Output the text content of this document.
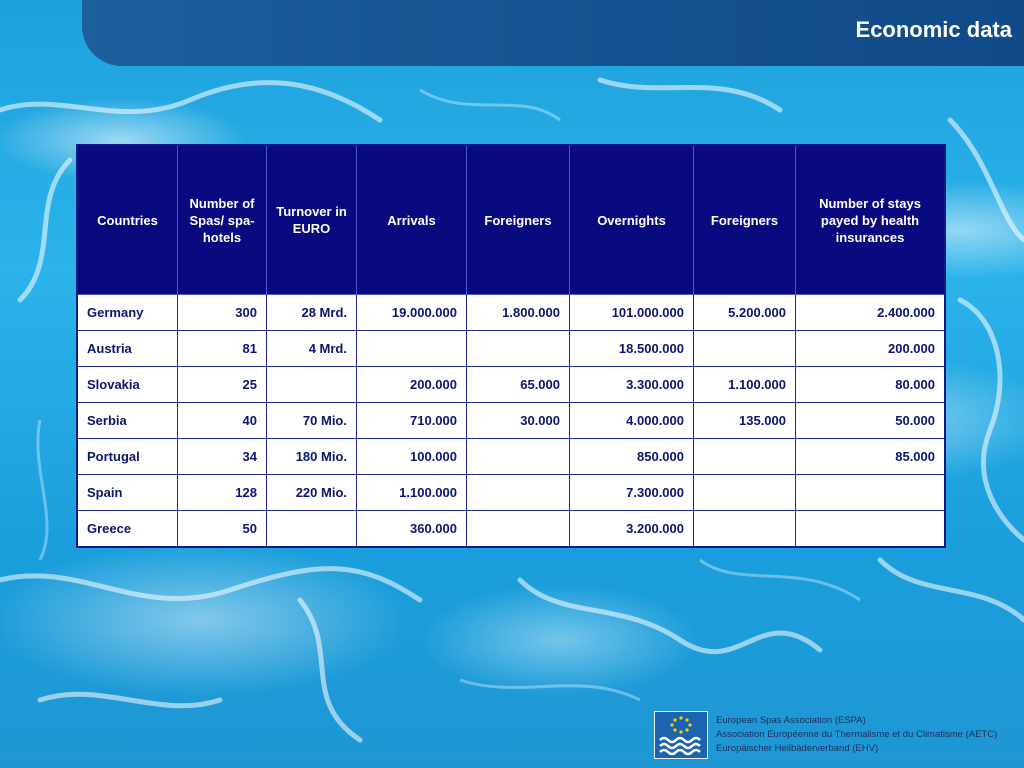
Economic data
Countries	Number of Spas/ spa-hotels	Turnover in EURO	Arrivals	Foreigners	Overnights	Foreigners	Number of stays payed by health insurances
Germany	300	28 Mrd.	19.000.000	1.800.000	101.000.000	5.200.000	2.400.000
Austria	81	4 Mrd.			18.500.000		200.000
Slovakia	25		200.000	65.000	3.300.000	1.100.000	80.000
Serbia	40	70 Mio.	710.000	30.000	4.000.000	135.000	50.000
Portugal	34	180 Mio.	100.000		850.000		85.000
Spain	128	220 Mio.	1.100.000		7.300.000		
Greece	50		360.000		3.200.000		
European Spas Association (ESPA)
Association Européenne du Thermalisme et du Climatisme (AETC)
Europäischer Heilbäderverband (EHV)
